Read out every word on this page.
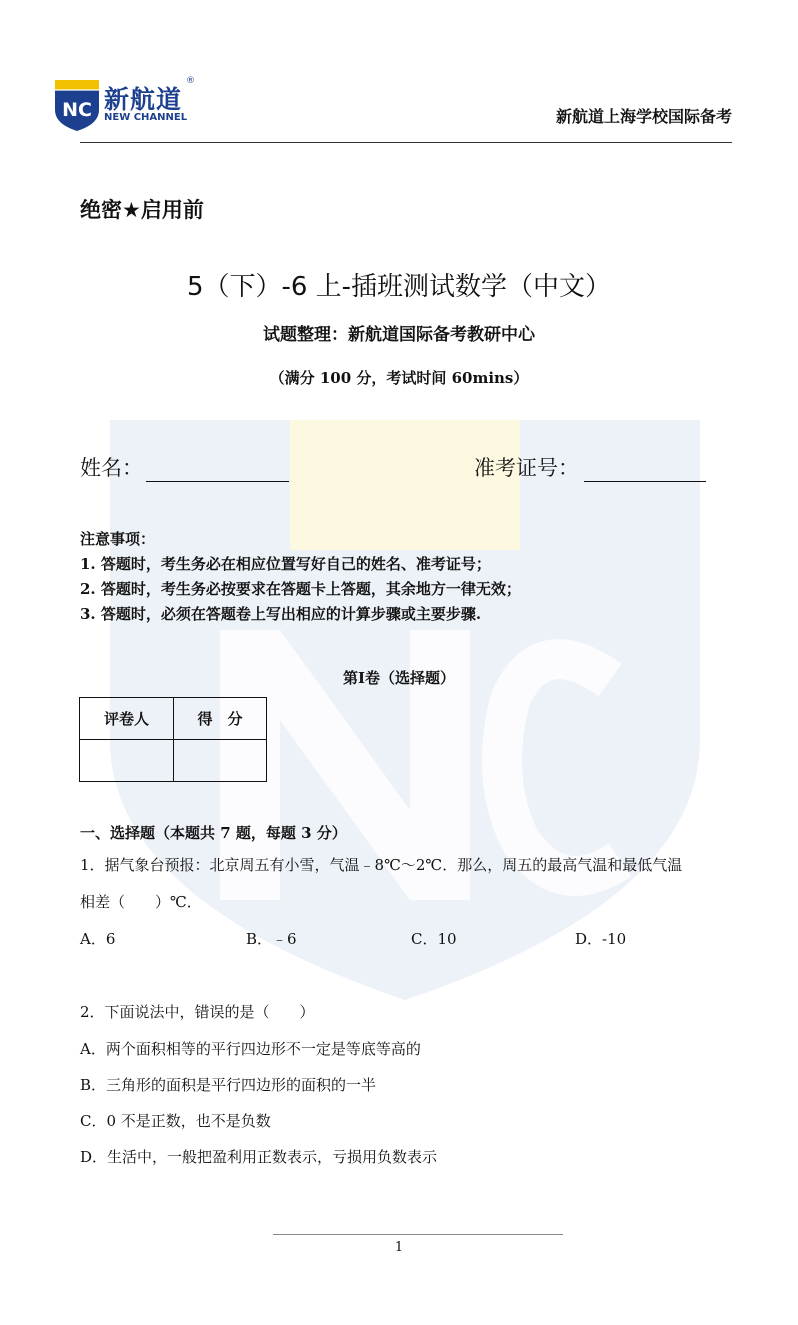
NC 新航道
®
NEW CHANNEL	新航道上海学校国际备考
绝密★启用前
5（下）-6 上-插班测试数学（中文）
试题整理：新航道国际备考教研中心
（满分 100 分，考试时间 60mins）
姓名：	准考证号：
注意事项：
1. 答题时，考生务必在相应位置写好自己的姓名、准考证号；
2. 答题时，考生务必按要求在答题卡上答题，其余地方一律无效；
3. 答题时，必须在答题卷上写出相应的计算步骤或主要步骤.
第Ⅰ卷（选择题）
评卷人	得　分

一、选择题（本题共 7 题，每题 3 分）
1．据气象台预报：北京周五有小雪，气温﹣8℃～2℃．那么，周五的最高气温和最低气温
相差（　　）℃．
A．6	B．﹣6	C．10	D．-10
2．下面说法中，错误的是（　　）
A．两个面积相等的平行四边形不一定是等底等高的
B．三角形的面积是平行四边形的面积的一半
C．0 不是正数，也不是负数
D．生活中，一般把盈利用正数表示，亏损用负数表示
1
